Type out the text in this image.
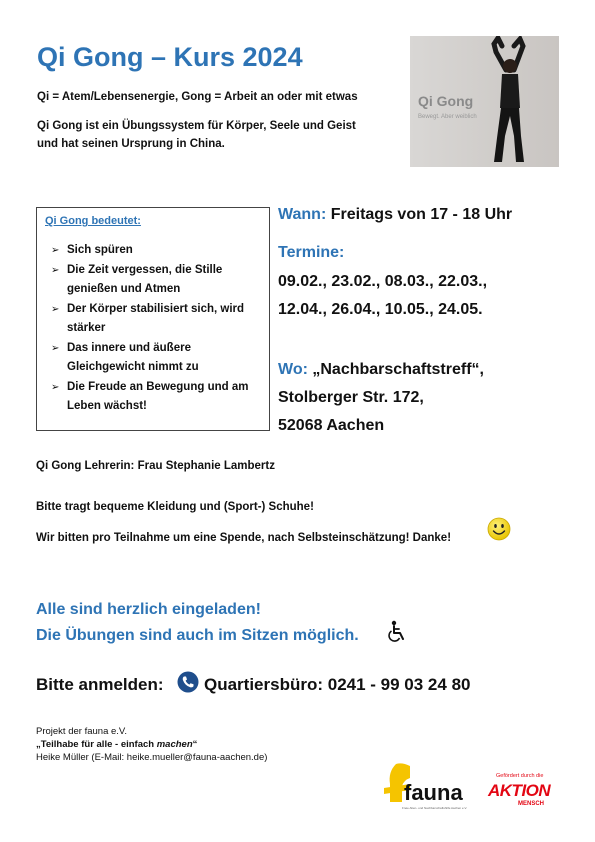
Qi Gong – Kurs 2024
Qi = Atem/Lebensenergie, Gong = Arbeit an oder mit etwas
Qi Gong ist ein Übungssystem für Körper, Seele und Geist und hat seinen Ursprung in China.
Qi Gong
Bewegt. Aber weiblich
Qi Gong bedeutet:
➢ Sich spüren
➢ Die Zeit vergessen, die Stille genießen und Atmen
➢ Der Körper stabilisiert sich, wird stärker
➢ Das innere und äußere Gleichgewicht nimmt zu
➢ Die Freude an Bewegung und am Leben wächst!
Wann: Freitags von 17 - 18 Uhr
Termine:
09.02., 23.02., 08.03., 22.03.,
12.04., 26.04., 10.05., 24.05.
Wo: „Nachbarschaftstreff“,
Stolberger Str. 172,
52068 Aachen
Qi Gong Lehrerin: Frau Stephanie Lambertz
Bitte tragt bequeme Kleidung und (Sport-) Schuhe!
Wir bitten pro Teilnahme um eine Spende, nach Selbsteinschätzung! Danke!
Alle sind herzlich eingeladen!
Die Übungen sind auch im Sitzen möglich.
Bitte anmelden: Quartiersbüro: 0241 - 99 03 24 80
Projekt der fauna e.V.
„Teilhabe für alle - einfach machen“
Heike Müller (E-Mail: heike.mueller@fauna-aachen.de)
fauna
Freie Alten- und Nachbarschaftshilfe Aachen e.V.
Gefördert durch die
AKTION
MENSCH
